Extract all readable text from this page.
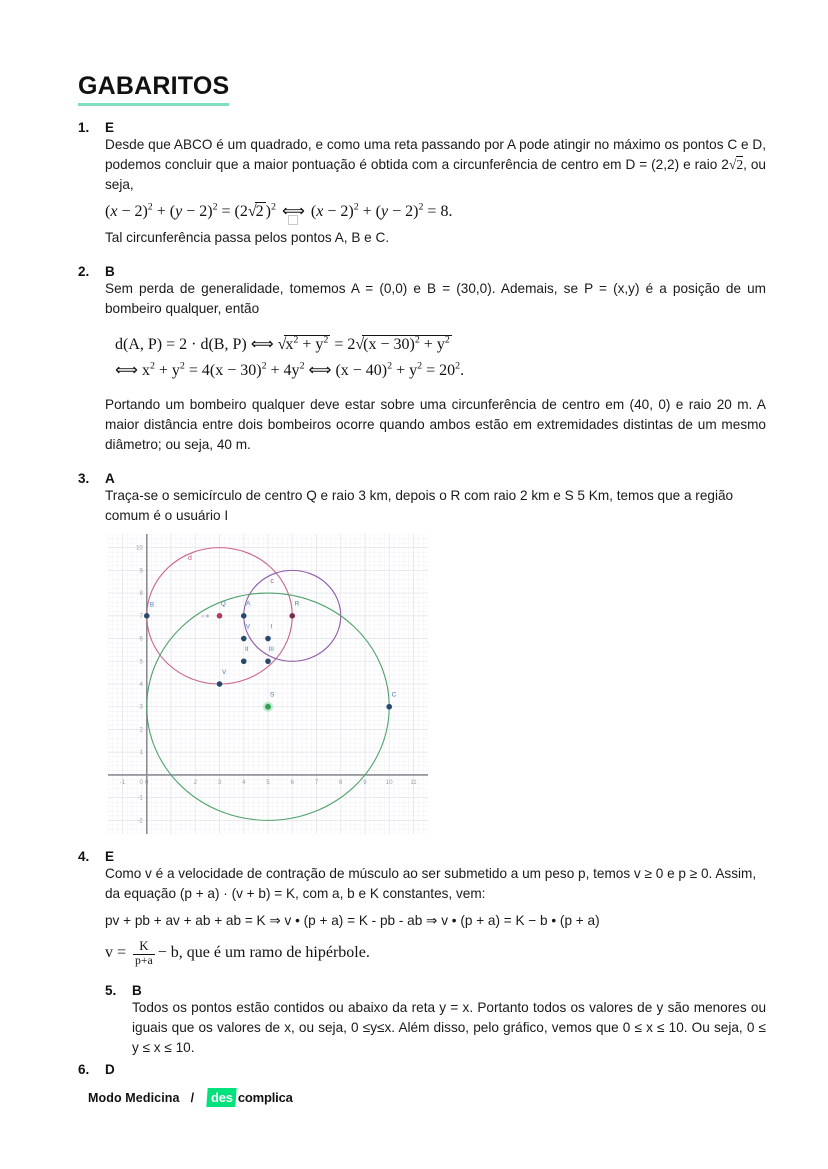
GABARITOS
1.	E

Desde que ABCO é um quadrado, e como uma reta passando por A pode atingir no máximo os pontos C e D, podemos concluir que a maior pontuação é obtida com a circunferência de centro em D = (2,2) e raio 2√2, ou seja,

$(x - 2)^2 + (y - 2)^2 = (2√2$ )$^2$ ⟺ $(x - 2)^2 + (y - 2)^2 = 8$.

Tal circunferência passa pelos pontos A, B e C.

2.	B

Sem perda de generalidade, tomemos A = (0,0) e B = (30,0). Ademais, se P = (x,y) é a posição de um bombeiro qualquer, então

d(A, P) = 2 · d(B, P) ⟺ $√x^2 + y^2 = 2√(x - 30)^2 + y^2$
⟺ $x^2 + y^2 = 4(x - 30)^2 + 4y^2$ ⟺ $(x - 40)^2 + y^2 = 20^2$.

Portando um bombeiro qualquer deve estar sobre uma circunferência de centro em (40, 0) e raio 20 m. A maior distância entre dois bombeiros ocorre quando ambos estão em extremidades distintas de um mesmo diâmetro; ou seja, 40 m.

3.	A

Traça-se o semicírculo de centro Q e raio 3 km, depois o R com raio 2 km e S 5 Km, temos que a região comum é o usuário I

-1	0	2	3	4	5	6	7	8	9	10	11
-2
-1
1
2
3
4
5
6
7
8
9
10
0
d
c
e
B	Q	A	R
V	I
II	III
V
S	C
4.	E

Como v é a velocidade de contração de músculo ao ser submetido a um peso p, temos v ≥ 0 e p ≥ 0. Assim, da equação (p + a) · (v + b) = K, com a, b e K constantes, vem:

pv + pb + av + ab + ab = K ⇒ v • (p + a) = K - pb - ab ⇒ v • (p + a) = K − b • (p + a)
$v = \frac{K}{p+a} - b$, que é um ramo de hipérbole.
5.	B

Todos os pontos estão contidos ou abaixo da reta y = x. Portanto todos os valores de y são menores ou iguais que os valores de x, ou seja, 0 ≤y≤x. Além disso, pelo gráfico, vemos que 0 ≤ x ≤ 10. Ou seja, 0 ≤ y ≤ x ≤ 10.

6.	D
Modo Medicina /	des complica
